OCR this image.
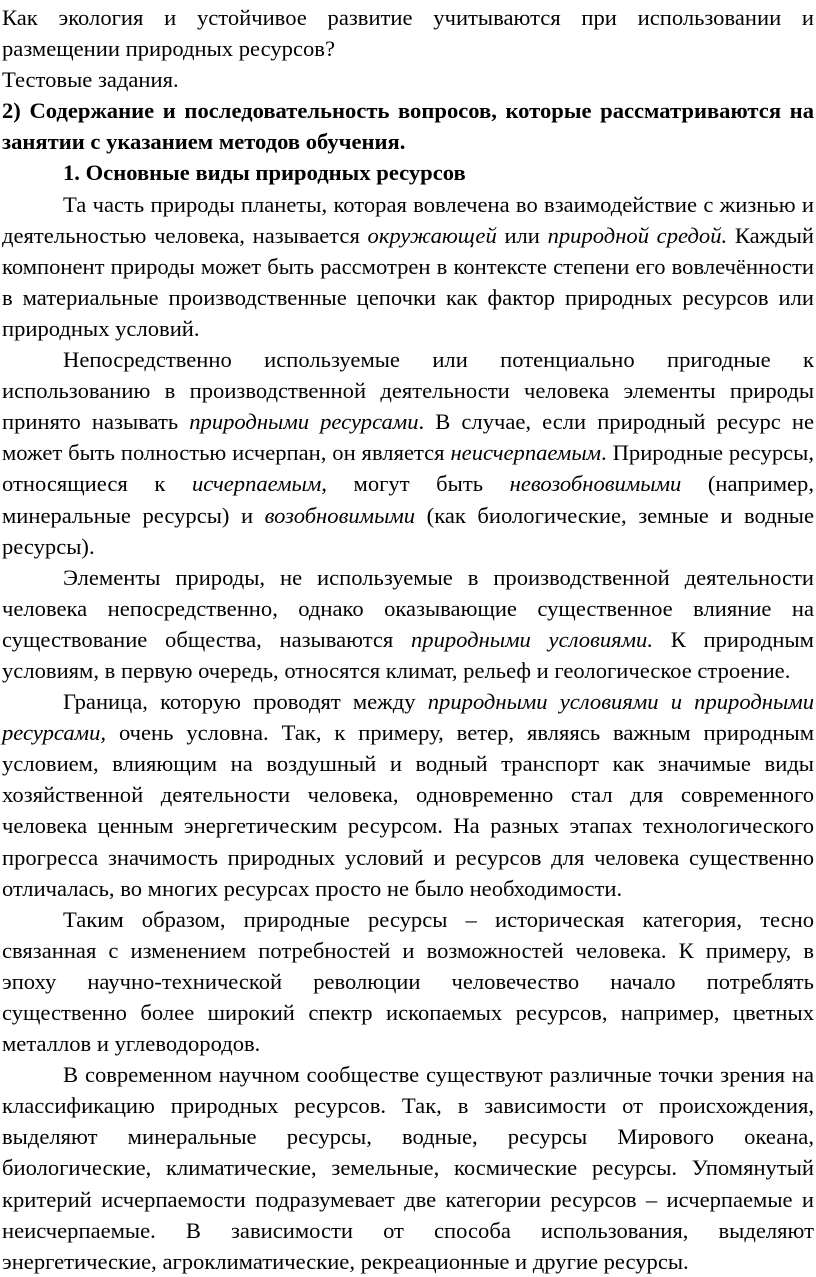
Как экология и устойчивое развитие учитываются при использовании и размещении природных ресурсов?

Тестовые задания.

2) Содержание и последовательность вопросов, которые рассматриваются на занятии с указанием методов обучения.

1. Основные виды природных ресурсов

Та часть природы планеты, которая вовлечена во взаимодействие с жизнью и деятельностью человека, называется окружающей или природной средой. Каждый компонент природы может быть рассмотрен в контексте степени его вовлечённости в материальные производственные цепочки как фактор природных ресурсов или природных условий.

Непосредственно используемые или потенциально пригодные к использованию в производственной деятельности человека элементы природы принято называть природными ресурсами. В случае, если природный ресурс не может быть полностью исчерпан, он является неисчерпаемым. Природные ресурсы, относящиеся к исчерпаемым, могут быть невозобновимыми (например, минеральные ресурсы) и возобновимыми (как биологические, земные и водные ресурсы).

Элементы природы, не используемые в производственной деятельности человека непосредственно, однако оказывающие существенное влияние на существование общества, называются природными условиями. К природным условиям, в первую очередь, относятся климат, рельеф и геологическое строение.

Граница, которую проводят между природными условиями и природными ресурсами, очень условна. Так, к примеру, ветер, являясь важным природным условием, влияющим на воздушный и водный транспорт как значимые виды хозяйственной деятельности человека, одновременно стал для современного человека ценным энергетическим ресурсом. На разных этапах технологического прогресса значимость природных условий и ресурсов для человека существенно отличалась, во многих ресурсах просто не было необходимости.

Таким образом, природные ресурсы – историческая категория, тесно связанная с изменением потребностей и возможностей человека. К примеру, в эпоху научно-технической революции человечество начало потреблять существенно более широкий спектр ископаемых ресурсов, например, цветных металлов и углеводородов.

В современном научном сообществе существуют различные точки зрения на классификацию природных ресурсов. Так, в зависимости от происхождения, выделяют минеральные ресурсы, водные, ресурсы Мирового океана, биологические, климатические, земельные, космические ресурсы. Упомянутый критерий исчерпаемости подразумевает две категории ресурсов – исчерпаемые и неисчерпаемые. В зависимости от способа использования, выделяют энергетические, агроклиматические, рекреационные и другие ресурсы.
